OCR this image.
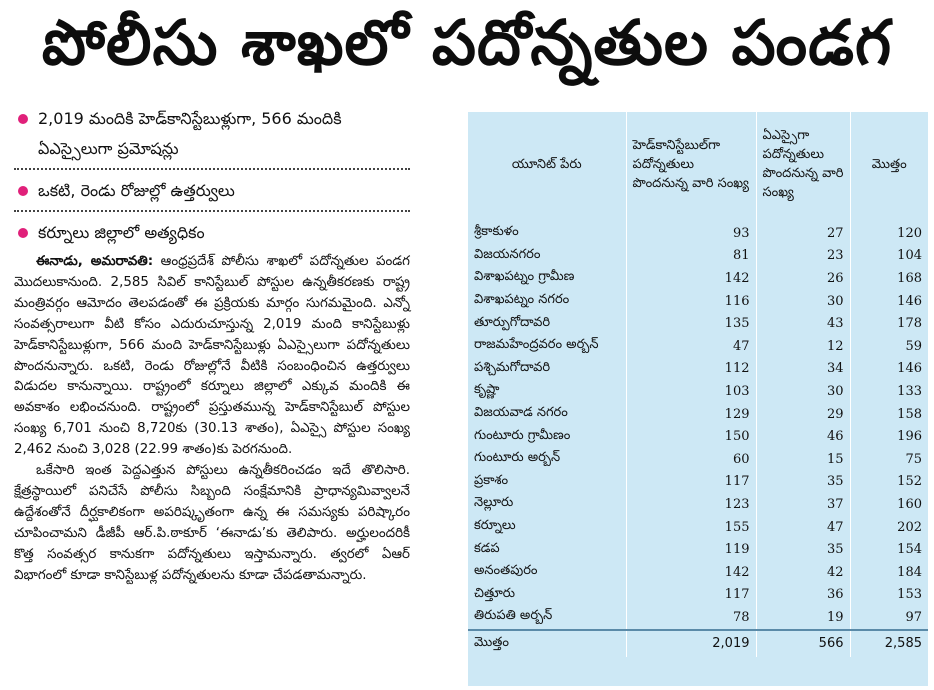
పోలీసు శాఖలో పదోన్నతుల పండగ
2,019 మందికి హెడ్‌కానిస్టేబుళ్లుగా, 566 మందికి ఏఎస్సైలుగా ప్రమోషన్లు
ఒకటి, రెండు రోజుల్లో ఉత్తర్వులు
కర్నూలు జిల్లాలో అత్యధికం

ఈనాడు, అమరావతి: ఆంధ్రప్రదేశ్ పోలీసు శాఖలో పదోన్నతుల పండగ మొదలుకానుంది. 2,585 సివిల్ కానిస్టేబుల్ పోస్టుల ఉన్నతీకరణకు రాష్ట్ర మంత్రివర్గం ఆమోదం తెలపడంతో ఈ ప్రక్రియకు మార్గం సుగమమైంది. ఎన్నో సంవత్సరాలుగా వీటి కోసం ఎదురుచూస్తున్న 2,019 మంది కానిస్టేబుళ్లు హెడ్‌కానిస్టేబుళ్లుగా, 566 మంది హెడ్‌కానిస్టేబుళ్లు ఏఎస్సైలుగా పదోన్నతులు పొందనున్నారు. ఒకటి, రెండు రోజుల్లోనే వీటికి సంబంధించిన ఉత్తర్వులు విడుదల కానున్నాయి. రాష్ట్రంలో కర్నూలు జిల్లాలో ఎక్కువ మందికి ఈ అవకాశం లభించనుంది. రాష్ట్రంలో ప్రస్తుతమున్న హెడ్‌కానిస్టేబుల్ పోస్టుల సంఖ్య 6,701 నుంచి 8,720కు (30.13 శాతం), ఏఎస్సై పోస్టుల సంఖ్య 2,462 నుంచి 3,028 (22.99 శాతం)కు పెరగనుంది.

ఒకేసారి ఇంత పెద్దఎత్తున పోస్టులు ఉన్నతీకరించడం ఇదే తొలిసారి. క్షేత్రస్థాయిలో పనిచేసే పోలీసు సిబ్బంది సంక్షేమానికి ప్రాధాన్యమివ్వాలనే ఉద్దేశంతోనే దీర్ఘకాలికంగా అపరిష్కృతంగా ఉన్న ఈ సమస్యకు పరిష్కారం చూపించామని డీజీపీ ఆర్.పి.ఠాకూర్ ‘ఈనాడు’కు తెలిపారు. అర్హులందరికీ కొత్త సంవత్సర కానుకగా పదోన్నతులు ఇస్తామన్నారు. త్వరలో ఏఆర్ విభాగంలో కూడా కానిస్టేబుళ్ల పదోన్నతులను కూడా చేపడతామన్నారు.

యూనిట్ పేరు	హెడ్‌కానిస్టేబుల్‌గా పదోన్నతులు పొందనున్న వారి సంఖ్య	ఏఎస్సైగా పదోన్నతులు పొందనున్న వారి సంఖ్య	మొత్తం
శ్రీకాకుళం	93	27	120
విజయనగరం	81	23	104
విశాఖపట్నం గ్రామీణ	142	26	168
విశాఖపట్నం నగరం	116	30	146
తూర్పుగోదావరి	135	43	178
రాజమహేంద్రవరం అర్బన్	47	12	59
పశ్చిమగోదావరి	112	34	146
కృష్ణా	103	30	133
విజయవాడ నగరం	129	29	158
గుంటూరు గ్రామీణం	150	46	196
గుంటూరు అర్బన్	60	15	75
ప్రకాశం	117	35	152
నెల్లూరు	123	37	160
కర్నూలు	155	47	202
కడప	119	35	154
అనంతపురం	142	42	184
చిత్తూరు	117	36	153
తిరుపతి అర్బన్	78	19	97
మొత్తం	2,019	566	2,585
